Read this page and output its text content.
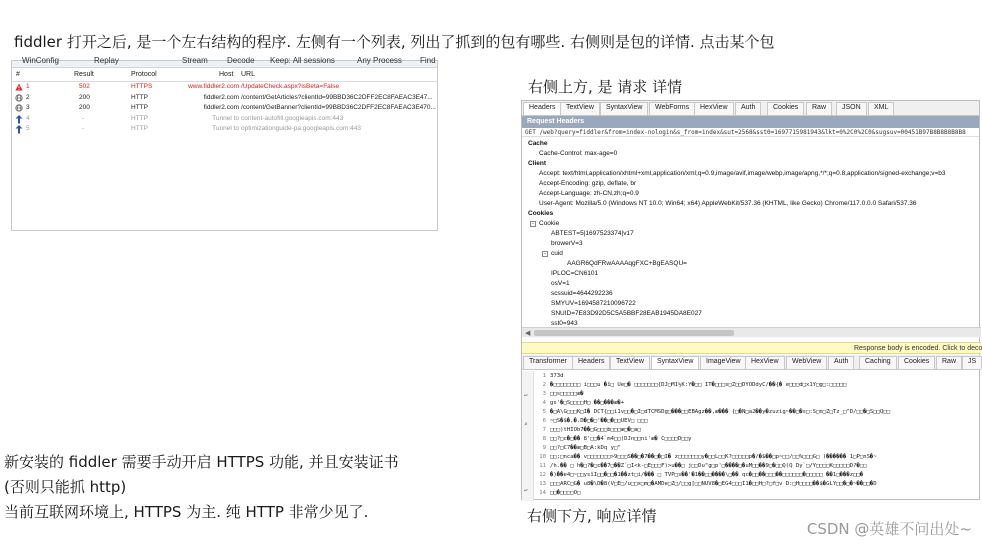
fiddler 打开之后, 是一个左右结构的程序. 左侧有一个列表, 列出了抓到的包有哪些. 右侧则是包的详情. 点击某个包
右侧上方, 是 请求 详情
新安装的 fiddler 需要手动开启 HTTPS 功能, 并且安装证书
(否则只能抓 http)
当前互联网环境上, HTTPS 为主. 纯 HTTP 非常少见了.	右侧下方, 响应详情
CSDN @英雄不问出处~
WinConfig	Replay	Stream Decode Keep: All sessions	Any Process Find
#	Result	Protocol	Host URL
1	502	HTTPS	www.fiddler2.com /UpdateCheck.aspx?isBeta=False
2	200	HTTP	fiddler2.com /content/GetArticles?clientId=99BBD36C2DFF2EC8FAEAC3E47...
3	200	HTTP	fiddler2.com /content/GetBanner?clientId=99BBD36C2DFF2EC8FAEAC3E470...
4	-	HTTP	Tunnel to content-autofill.googleapis.com:443
5	-	HTTP	Tunnel to optimizationguide-pa.googleapis.com:443
Headers	TextView	SyntaxView	WebForms	HexView	Auth	Cookies	Raw	JSON	XML
Request Headers
GET /web?query=fiddler&from=index-nologin&s_from=index&sut=2568&sst0=1697715981943&lkt=0%2C0%2C0&sugsuv=00451B97B8B8B8B8B8
Cache
Cache-Control: max-age=0
Client
Accept: text/html,application/xhtml+xml,application/xml;q=0.9,image/avif,image/webp,image/apng,*/*;q=0.8,application/signed-exchange;v=b3
Accept-Encoding: gzip, deflate, br
Accept-Language: zh-CN,zh;q=0.9
User-Agent: Mozilla/5.0 (Windows NT 10.0; Win64; x64) AppleWebKit/537.36 (KHTML, like Gecko) Chrome/117.0.0.0 Safari/537.36
Cookies
− Cookie
ABTEST=5|1697523374|v17
browerV=3
− cuid
AAGR6QdFRwAAAAqgFXC+BgEASQU=
IPLOC=CN6101
osV=1
scssuid=4644292236
SMYUV=1694587210096722
SNUID=7E83D92D5C5A5BBF28EAB1945DA8E027
sst0=943
◀
Response body is encoded. Click to deco
Transformer	Headers	TextView	SyntaxView	ImageView	HexView	WebView	Auth	Caching	Cookies	Raw	JS
↩
⌕
↩
1 373d
2 �□□□□□□□□ i□□□u �î□ Ue□� □□□□□□□{DJ□M1½K:Y�□□ IT�□□□s□Z□□DYODdyC/��{� e□□□d□x1Y□g□:□□□□□
3 □□s□□□□□æ�
4 gs'�□S□□□□H□ ��□���æ�+
5 �□A\G□□□K□I� DCT{□□i1v□□�□I□dTCMSDg□���□□EBAgz��,æ��� {□�N□a2��y�zuzig~��□�s□:S□n□Z□Tz_□^D/□□�□S□□Q□□
6 ~□S�$�,�.D�□�□'��□�□□UEV□ □□□
7 □□□)tHIOb7��□G□□□b□□□æ□�□a□
8 □□?□c�□�� 8'□□�4`m4□□(DJn□□ni'æ� C□□□□D□□y
9 □□?□C7��æ□B□A:kDq y□"
10 □□;□nca�� v□□□□□□□>9□□□S��□�7��□�□I� z□□□□□□□y�□□L□□K?□□□□□p�/�$��□p~□□/□□%□□□G□ )������ 1□P□nS�~
11 /h.�� □ h�□?�□c��7□��Z`□I<k-□E□□□F)>u��□ j□□Du"g□p'□����□�uM□□��9□�□□Q(Q Dy`□/Y□□□□K□□□□□D?�□□
12 �)��e4□~□□ysîI□□�□□�1��zt□i/��� □ TVP□s��'�1��□□����\□�� qc�□□��□□□��□□□□□□�□□□□□ ��1□���z□□�
13 □□□ARC□G� u8�\D�8(V□E□/u□□x□m□�AMDe□Z□/□□g[□□NUV8�□EG4□□□I1�□□H□?□f□v D:□H□□□□��$�GLY□□�□�~��□□�D
14 □□�□□□□O□
